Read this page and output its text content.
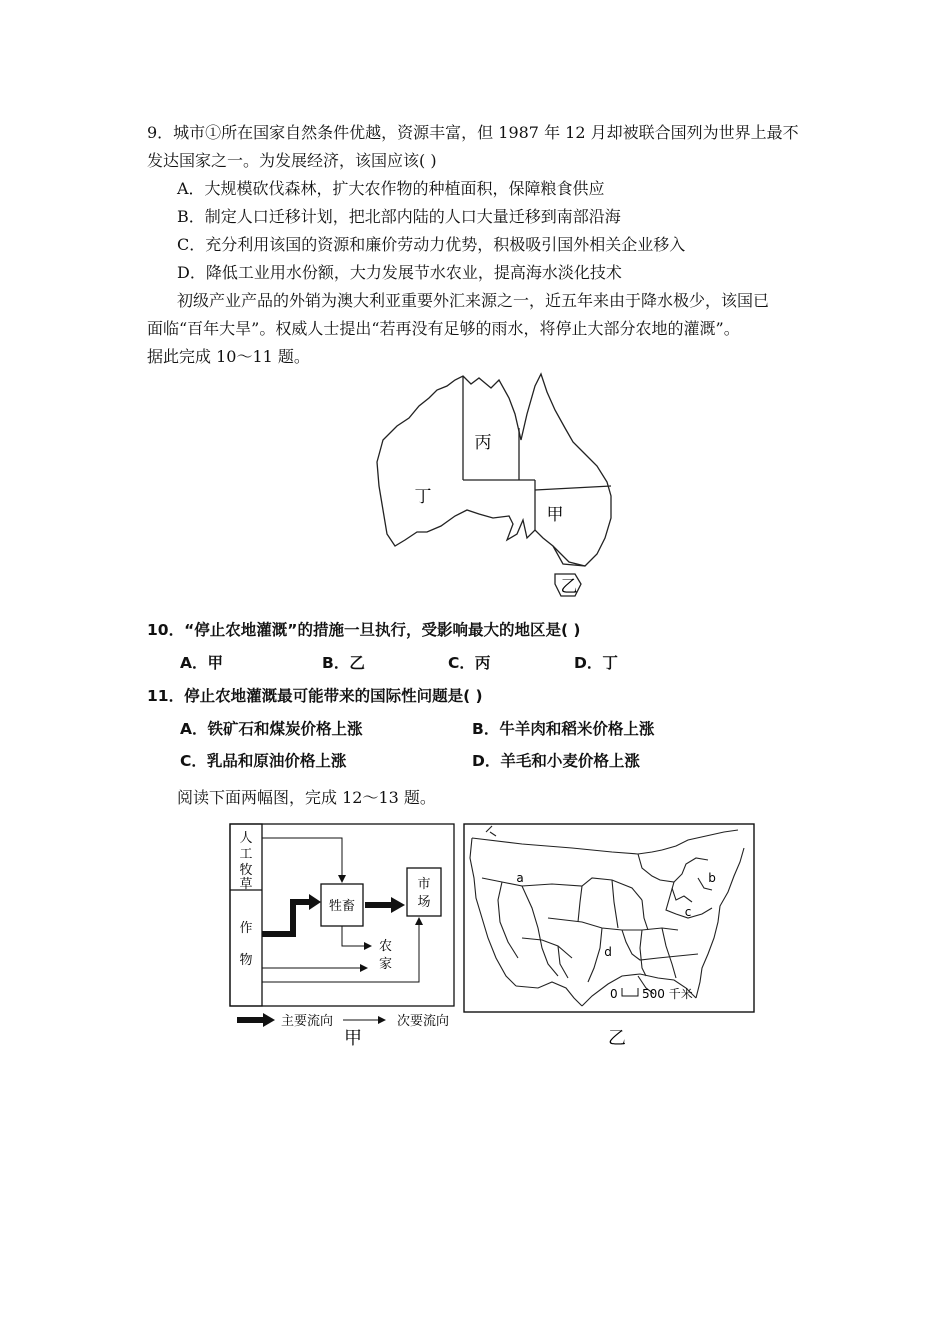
9．城市①所在国家自然条件优越，资源丰富，但 1987 年 12 月却被联合国列为世界上最不
发达国家之一。为发展经济，该国应该( )
A．大规模砍伐森林，扩大农作物的种植面积，保障粮食供应
B．制定人口迁移计划，把北部内陆的人口大量迁移到南部沿海
C．充分利用该国的资源和廉价劳动力优势，积极吸引国外相关企业移入
D．降低工业用水份额，大力发展节水农业，提高海水淡化技术
初级产业产品的外销为澳大利亚重要外汇来源之一，近五年来由于降水极少，该国已
面临“百年大旱”。权威人士提出“若再没有足够的雨水，将停止大部分农地的灌溉”。
据此完成 10～11 题。
丙
丁
甲
乙
10．“停止农地灌溉”的措施一旦执行，受影响最大的地区是( )
A．甲	B．乙	C．丙	D．丁
11．停止农地灌溉最可能带来的国际性问题是( )
A．铁矿石和煤炭价格上涨	B．牛羊肉和稻米价格上涨
C．乳品和原油价格上涨	D．羊毛和小麦价格上涨
阅读下面两幅图，完成 12～13 题。
人
工
牧
草
作
物
牲畜
市
场
农
家
主要流向	次要流向
甲
a	b
c
d
0 500 千米
乙
